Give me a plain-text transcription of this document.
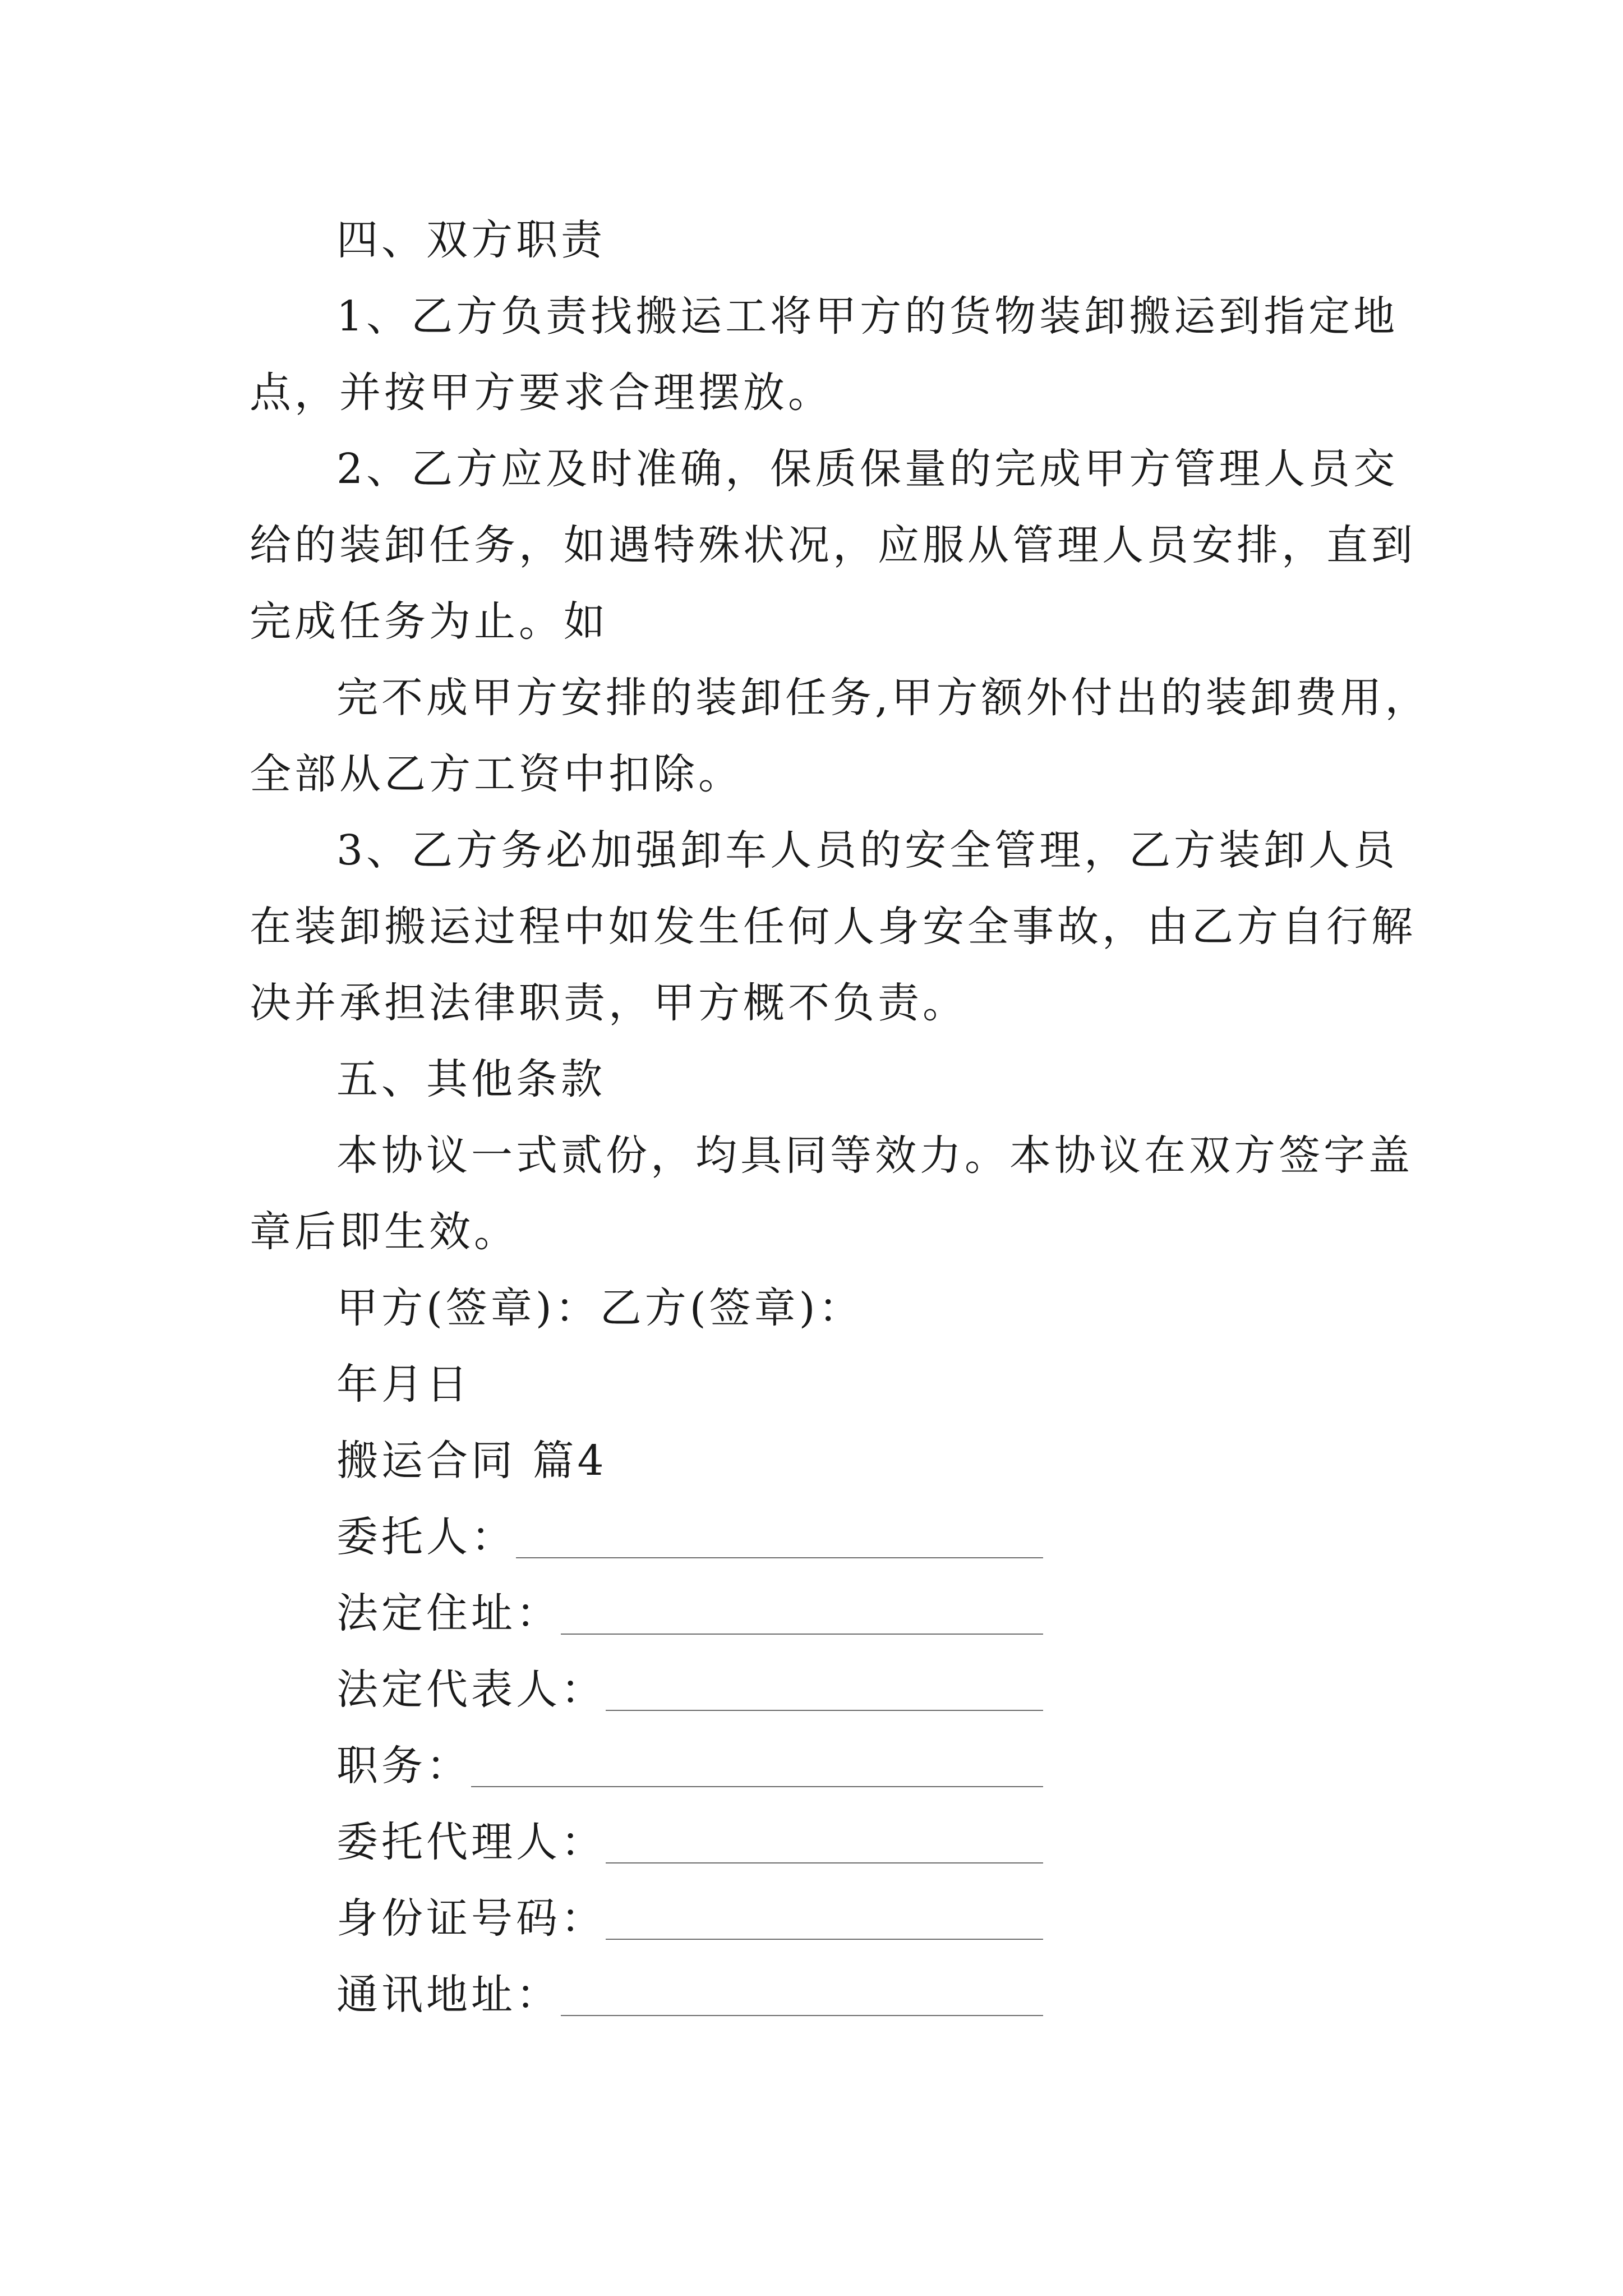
四、双方职责
1、乙方负责找搬运工将甲方的货物装卸搬运到指定地
点，并按甲方要求合理摆放。
2、乙方应及时准确，保质保量的完成甲方管理人员交
给的装卸任务，如遇特殊状况，应服从管理人员安排，直到
完成任务为止。如
完不成甲方安排的装卸任务,甲方额外付出的装卸费用，
全部从乙方工资中扣除。
3、乙方务必加强卸车人员的安全管理，乙方装卸人员
在装卸搬运过程中如发生任何人身安全事故，由乙方自行解
决并承担法律职责，甲方概不负责。
五、其他条款
本协议一式贰份，均具同等效力。本协议在双方签字盖
章后即生效。
甲方(签章)：乙方(签章)：
年月日
搬运合同 篇4
委托人：
法定住址：
法定代表人：
职务：
委托代理人：
身份证号码：
通讯地址：
